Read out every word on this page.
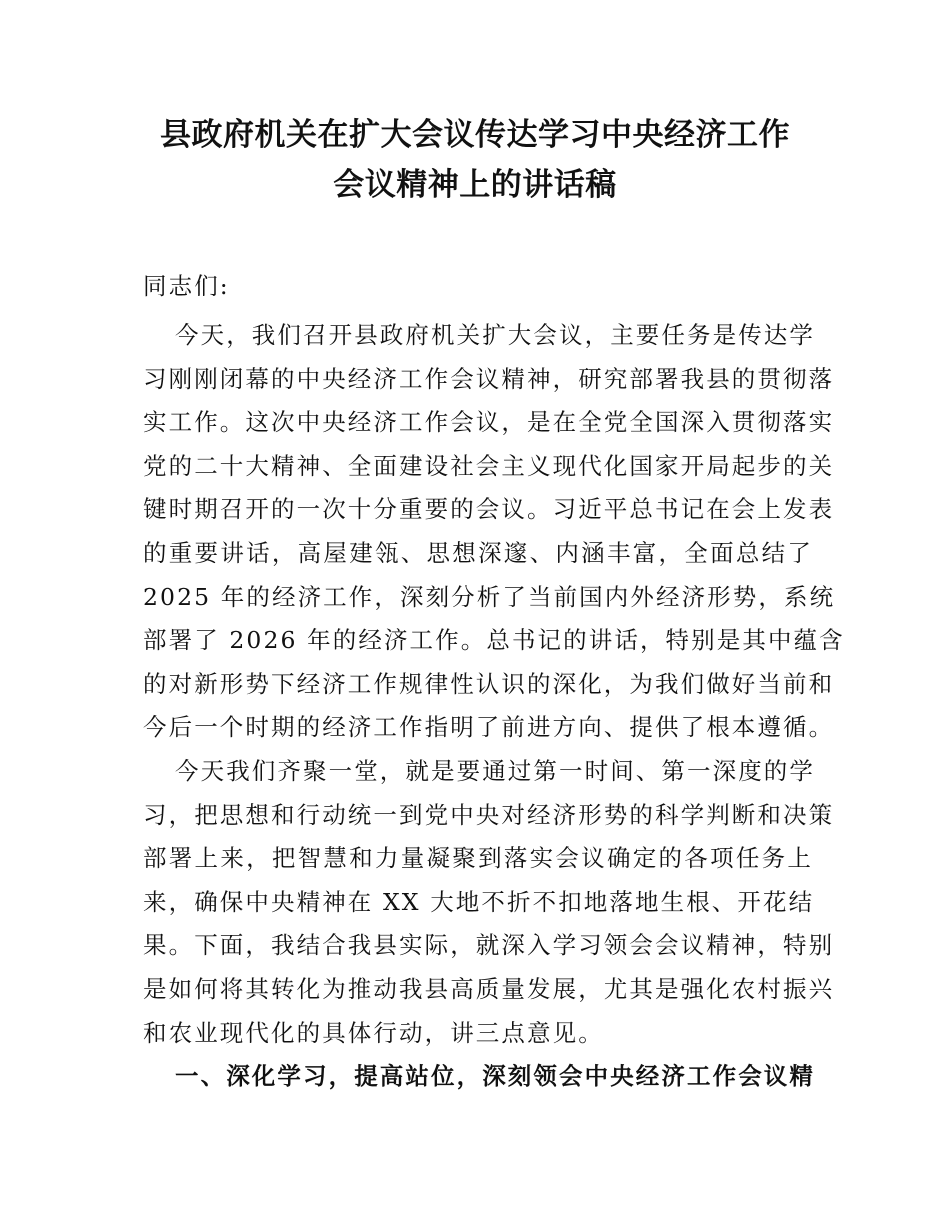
县政府机关在扩大会议传达学习中央经济工作
会议精神上的讲话稿
同志们:
今天，我们召开县政府机关扩大会议，主要任务是传达学
习刚刚闭幕的中央经济工作会议精神，研究部署我县的贯彻落
实工作。这次中央经济工作会议，是在全党全国深入贯彻落实
党的二十大精神、全面建设社会主义现代化国家开局起步的关
键时期召开的一次十分重要的会议。习近平总书记在会上发表
的重要讲话，高屋建瓴、思想深邃、内涵丰富，全面总结了
2025 年的经济工作，深刻分析了当前国内外经济形势，系统
部署了 2026 年的经济工作。总书记的讲话，特别是其中蕴含
的对新形势下经济工作规律性认识的深化，为我们做好当前和
今后一个时期的经济工作指明了前进方向、提供了根本遵循。
今天我们齐聚一堂，就是要通过第一时间、第一深度的学
习，把思想和行动统一到党中央对经济形势的科学判断和决策
部署上来，把智慧和力量凝聚到落实会议确定的各项任务上
来，确保中央精神在 XX 大地不折不扣地落地生根、开花结
果。下面，我结合我县实际，就深入学习领会会议精神，特别
是如何将其转化为推动我县高质量发展，尤其是强化农村振兴
和农业现代化的具体行动，讲三点意见。
一、深化学习，提高站位，深刻领会中央经济工作会议精
